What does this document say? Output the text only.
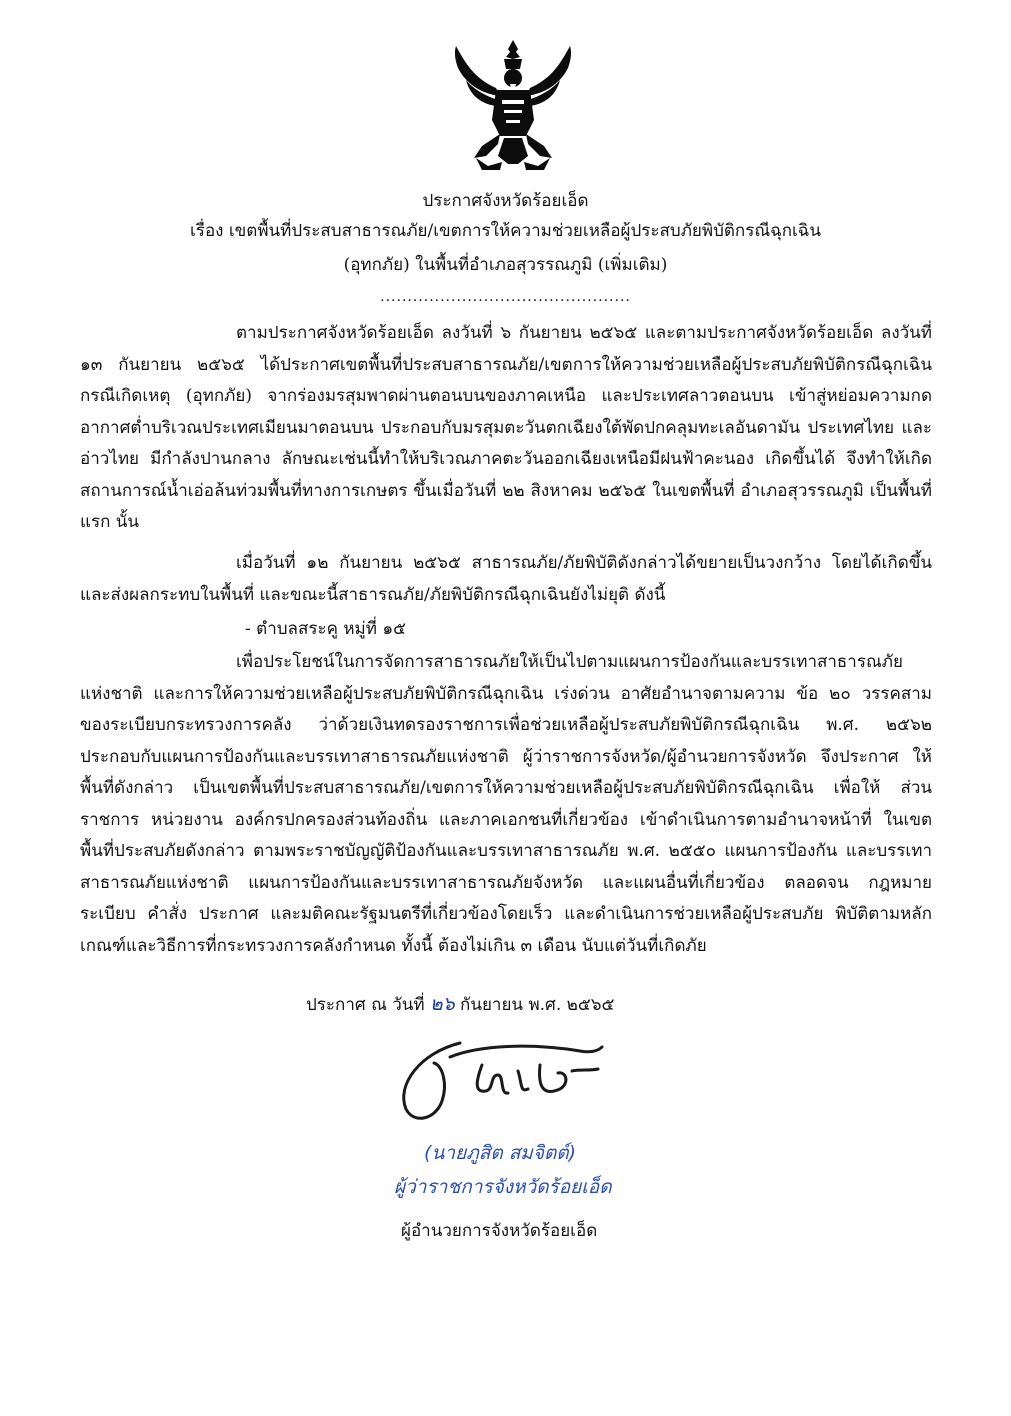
ประกาศจังหวัดร้อยเอ็ด
เรื่อง เขตพื้นที่ประสบสาธารณภัย/เขตการให้ความช่วยเหลือผู้ประสบภัยพิบัติกรณีฉุกเฉิน
(อุทกภัย) ในพื้นที่อำเภอสุวรรณภูมิ (เพิ่มเติม)
..............................................

ตามประกาศจังหวัดร้อยเอ็ด ลงวันที่ ๖ กันยายน ๒๕๖๕ และตามประกาศจังหวัดร้อยเอ็ด ลงวันที่ ๑๓ กันยายน ๒๕๖๕ ได้ประกาศเขตพื้นที่ประสบสาธารณภัย/เขตการให้ความช่วยเหลือผู้ประสบภัยพิบัติกรณีฉุกเฉิน กรณีเกิดเหตุ (อุทกภัย) จากร่องมรสุมพาดผ่านตอนบนของภาคเหนือ และประเทศลาวตอนบน เข้าสู่หย่อมความกดอากาศต่ำบริเวณประเทศเมียนมาตอนบน ประกอบกับมรสุมตะวันตกเฉียงใต้พัดปกคลุมทะเลอันดามัน ประเทศไทย และอ่าวไทย มีกำลังปานกลาง ลักษณะเช่นนี้ทำให้บริเวณภาคตะวันออกเฉียงเหนือมีฝนฟ้าคะนอง เกิดขึ้นได้ จึงทำให้เกิดสถานการณ์น้ำเอ่อล้นท่วมพื้นที่ทางการเกษตร ขึ้นเมื่อวันที่ ๒๒ สิงหาคม ๒๕๖๕ ในเขตพื้นที่ อำเภอสุวรรณภูมิ เป็นพื้นที่แรก นั้น

เมื่อวันที่ ๑๒ กันยายน ๒๕๖๕ สาธารณภัย/ภัยพิบัติดังกล่าวได้ขยายเป็นวงกว้าง โดยได้เกิดขึ้น และส่งผลกระทบในพื้นที่ และขณะนี้สาธารณภัย/ภัยพิบัติกรณีฉุกเฉินยังไม่ยุติ ดังนี้

- ตำบลสระคู หมู่ที่ ๑๕

เพื่อประโยชน์ในการจัดการสาธารณภัยให้เป็นไปตามแผนการป้องกันและบรรเทาสาธารณภัยแห่งชาติ และการให้ความช่วยเหลือผู้ประสบภัยพิบัติกรณีฉุกเฉิน เร่งด่วน อาศัยอำนาจตามความ ข้อ ๒๐ วรรคสาม ของระเบียบกระทรวงการคลัง ว่าด้วยเงินทดรองราชการเพื่อช่วยเหลือผู้ประสบภัยพิบัติกรณีฉุกเฉิน พ.ศ. ๒๕๖๒ ประกอบกับแผนการป้องกันและบรรเทาสาธารณภัยแห่งชาติ ผู้ว่าราชการจังหวัด/ผู้อำนวยการจังหวัด จึงประกาศ ให้พื้นที่ดังกล่าว เป็นเขตพื้นที่ประสบสาธารณภัย/เขตการให้ความช่วยเหลือผู้ประสบภัยพิบัติกรณีฉุกเฉิน เพื่อให้ ส่วนราชการ หน่วยงาน องค์กรปกครองส่วนท้องถิ่น และภาคเอกชนที่เกี่ยวข้อง เข้าดำเนินการตามอำนาจหน้าที่ ในเขตพื้นที่ประสบภัยดังกล่าว ตามพระราชบัญญัติป้องกันและบรรเทาสาธารณภัย พ.ศ. ๒๕๕๐ แผนการป้องกัน และบรรเทาสาธารณภัยแห่งชาติ แผนการป้องกันและบรรเทาสาธารณภัยจังหวัด และแผนอื่นที่เกี่ยวข้อง ตลอดจน กฎหมาย ระเบียบ คำสั่ง ประกาศ และมติคณะรัฐมนตรีที่เกี่ยวข้องโดยเร็ว และดำเนินการช่วยเหลือผู้ประสบภัย พิบัติตามหลักเกณฑ์และวิธีการที่กระทรวงการคลังกำหนด ทั้งนี้ ต้องไม่เกิน ๓ เดือน นับแต่วันที่เกิดภัย

ประกาศ ณ วันที่ ๒๖ กันยายน พ.ศ. ๒๕๖๕
(นายภูสิต สมจิตต์)
ผู้ว่าราชการจังหวัดร้อยเอ็ด
ผู้อำนวยการจังหวัดร้อยเอ็ด
